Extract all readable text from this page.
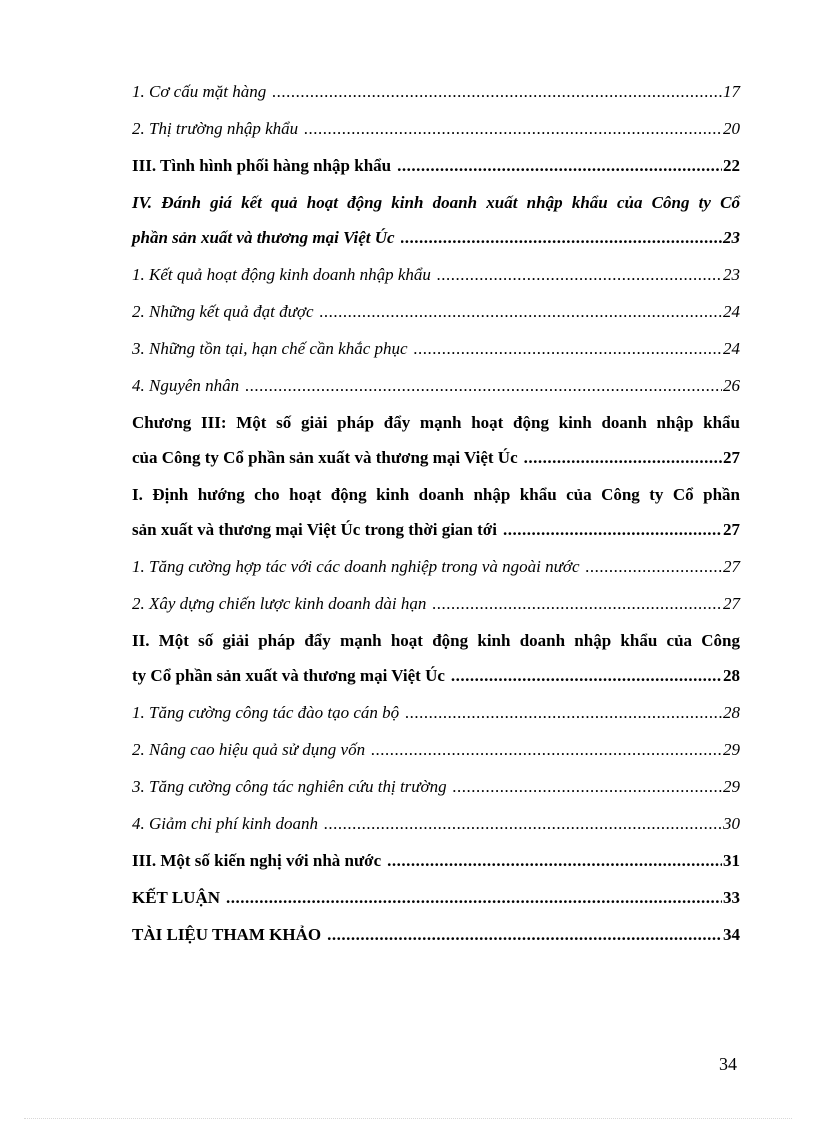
1. Cơ cấu mặt hàng .....	17
2. Thị trường nhập khẩu .....	20
III. Tình hình phối hàng nhập khẩu .....	22
IV. Đánh giá kết quả hoạt động kinh doanh xuất nhập khẩu của Công ty Cổ
phần sản xuất và thương mại Việt Úc .....	23
1. Kết quả hoạt động kinh doanh nhập khẩu .....	23
2. Những kết quả đạt được .....	24
3. Những tồn tại, hạn chế cần khắc phục .....	24
4. Nguyên nhân .....	26
Chương III: Một số giải pháp đẩy mạnh hoạt động kinh doanh nhập khẩu
của Công ty Cổ phần sản xuất và thương mại Việt Úc .....	27
I. Định hướng cho hoạt động kinh doanh nhập khẩu của Công ty Cổ phần
sản xuất và thương mại Việt Úc trong thời gian tới .....	27
1. Tăng cường hợp tác với các doanh nghiệp trong và ngoài nước .....	27
2. Xây dựng chiến lược kinh doanh dài hạn .....	27
II. Một số giải pháp đẩy mạnh hoạt động kinh doanh nhập khẩu của Công
ty Cổ phần sản xuất và thương mại Việt Úc .....	28
1. Tăng cường công tác đào tạo cán bộ .....	28
2. Nâng cao hiệu quả sử dụng vốn .....	29
3. Tăng cường công tác nghiên cứu thị trường .....	29
4. Giảm chi phí kinh doanh .....	30
III. Một số kiến nghị với nhà nước .....	31
KẾT LUẬN .....	33
TÀI LIỆU THAM KHẢO .....	34
34
